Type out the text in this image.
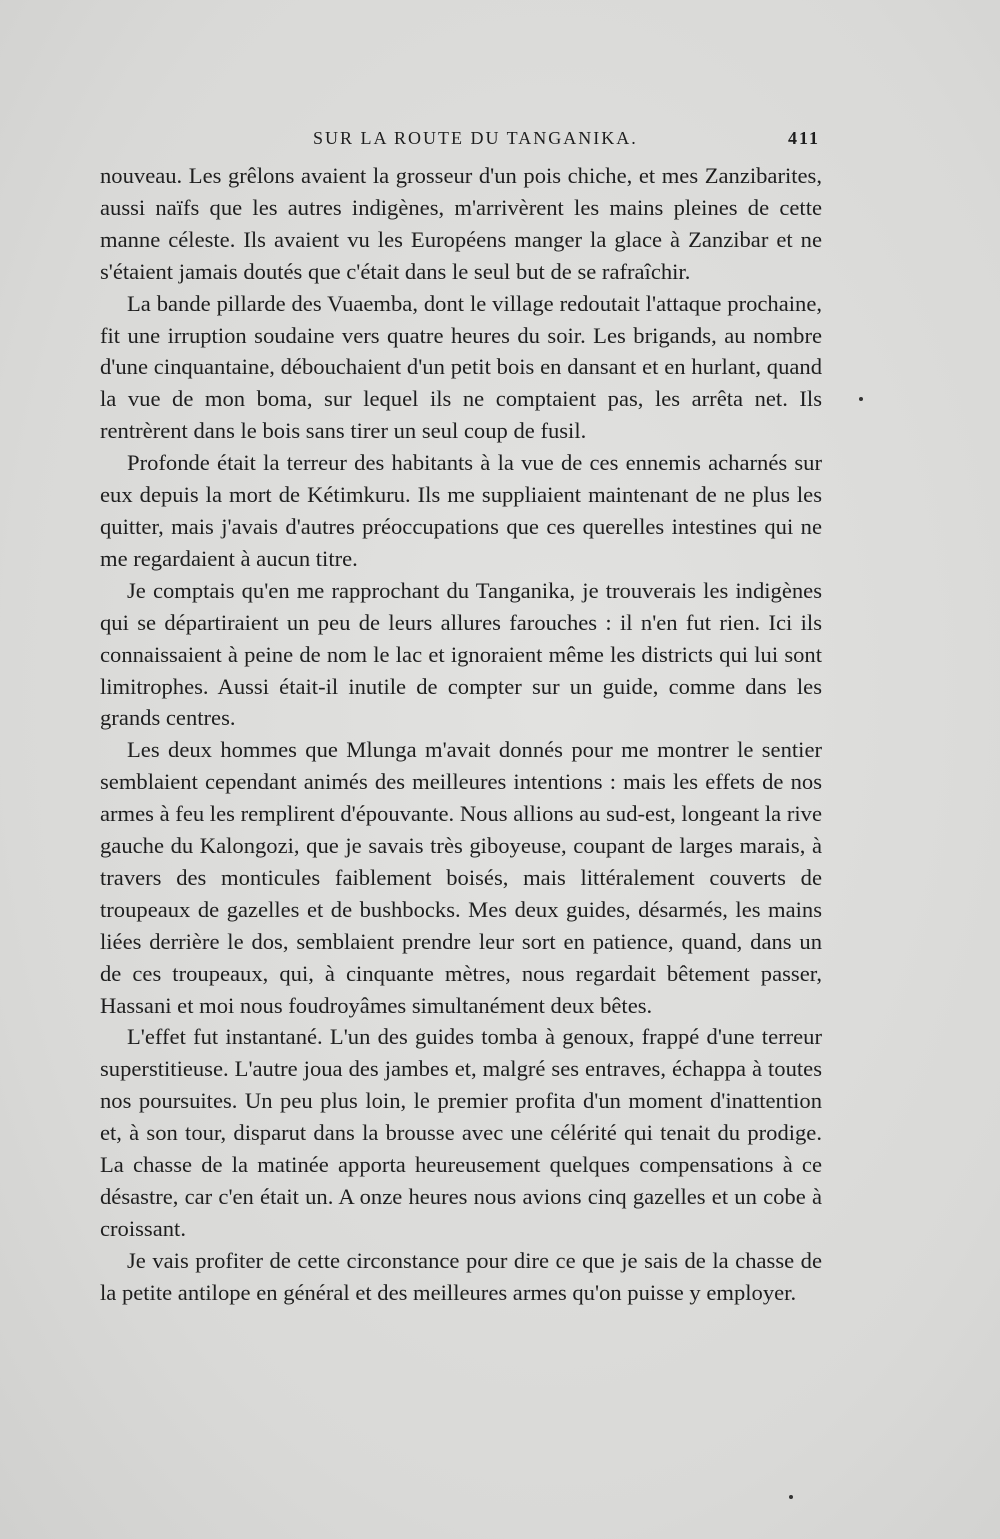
SUR LA ROUTE DU TANGANIKA.	411

nouveau. Les grêlons avaient la grosseur d'un pois chiche, et mes Zanzibarites, aussi naïfs que les autres indigènes, m'arrivèrent les mains pleines de cette manne céleste. Ils avaient vu les Européens manger la glace à Zanzibar et ne s'étaient jamais doutés que c'était dans le seul but de se rafraîchir.

La bande pillarde des Vuaemba, dont le village redoutait l'attaque prochaine, fit une irruption soudaine vers quatre heures du soir. Les brigands, au nombre d'une cinquantaine, débouchaient d'un petit bois en dansant et en hurlant, quand la vue de mon boma, sur lequel ils ne comptaient pas, les arrêta net. Ils rentrèrent dans le bois sans tirer un seul coup de fusil.

Profonde était la terreur des habitants à la vue de ces ennemis acharnés sur eux depuis la mort de Kétimkuru. Ils me suppliaient maintenant de ne plus les quitter, mais j'avais d'autres préoccupations que ces querelles intestines qui ne me regardaient à aucun titre.

Je comptais qu'en me rapprochant du Tanganika, je trouverais les indigènes qui se départiraient un peu de leurs allures farouches : il n'en fut rien. Ici ils connaissaient à peine de nom le lac et ignoraient même les districts qui lui sont limitrophes. Aussi était-il inutile de compter sur un guide, comme dans les grands centres.

Les deux hommes que Mlunga m'avait donnés pour me montrer le sentier semblaient cependant animés des meilleures intentions : mais les effets de nos armes à feu les remplirent d'épouvante. Nous allions au sud-est, longeant la rive gauche du Kalongozi, que je savais très giboyeuse, coupant de larges marais, à travers des monticules faiblement boisés, mais littéralement couverts de troupeaux de gazelles et de bushbocks. Mes deux guides, désarmés, les mains liées derrière le dos, semblaient prendre leur sort en patience, quand, dans un de ces troupeaux, qui, à cinquante mètres, nous regardait bêtement passer, Hassani et moi nous foudroyâmes simultanément deux bêtes.

L'effet fut instantané. L'un des guides tomba à genoux, frappé d'une terreur superstitieuse. L'autre joua des jambes et, malgré ses entraves, échappa à toutes nos poursuites. Un peu plus loin, le premier profita d'un moment d'inattention et, à son tour, disparut dans la brousse avec une célérité qui tenait du prodige. La chasse de la matinée apporta heureusement quelques compensations à ce désastre, car c'en était un. A onze heures nous avions cinq gazelles et un cobe à croissant.

Je vais profiter de cette circonstance pour dire ce que je sais de la chasse de la petite antilope en général et des meilleures armes qu'on puisse y employer.
